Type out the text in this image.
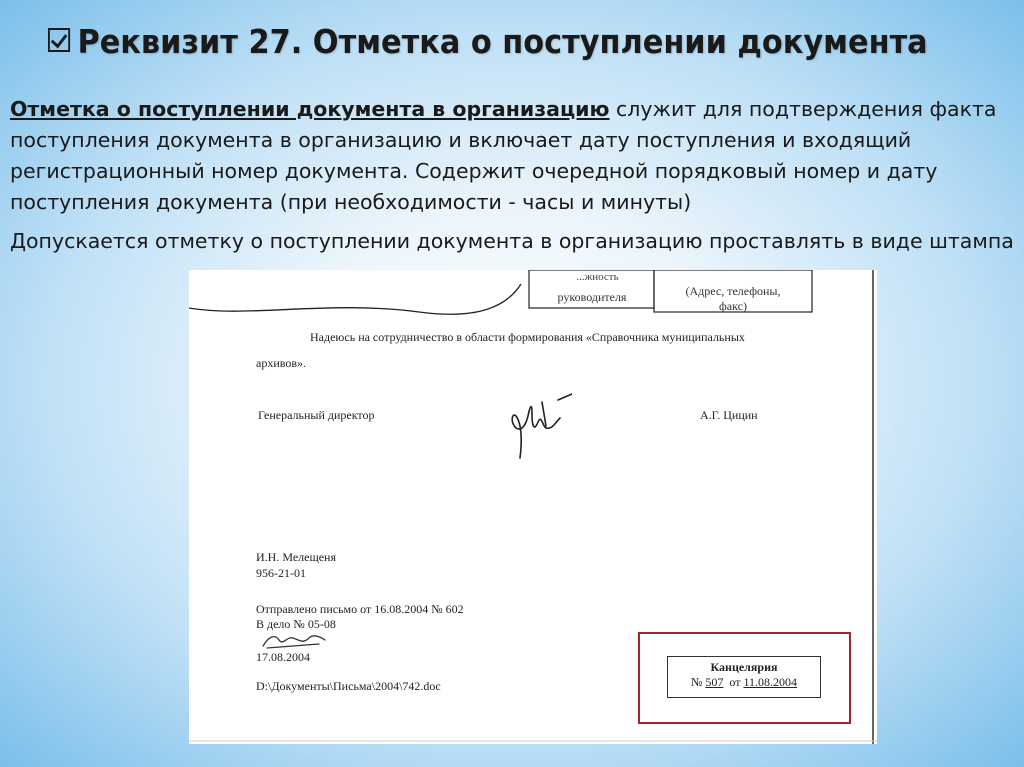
Реквизит 27. Отметка о поступлении документа

Отметка о поступлении документа в организацию служит для подтверждения факта поступления документа в организацию и включает дату поступления и входящий регистрационный номер документа. Содержит очередной порядковый номер и дату поступления документа (при необходимости - часы и минуты)

Допускается отметку о поступлении документа в организацию проставлять в виде штампа

...жность
руководителя	(Адрес, телефоны,
факс)
Надеюсь на сотрудничество в области формирования «Справочника муниципальных
архивов».
Генеральный директор	А.Г. Цицин
И.Н. Мелещеня
956-21-01
Отправлено письмо от 16.08.2004 № 602
В дело № 05-08
17.08.2004
D:\Документы\Письма\2004\742.doc
Канцелярия
№ 507 от 11.08.2004
